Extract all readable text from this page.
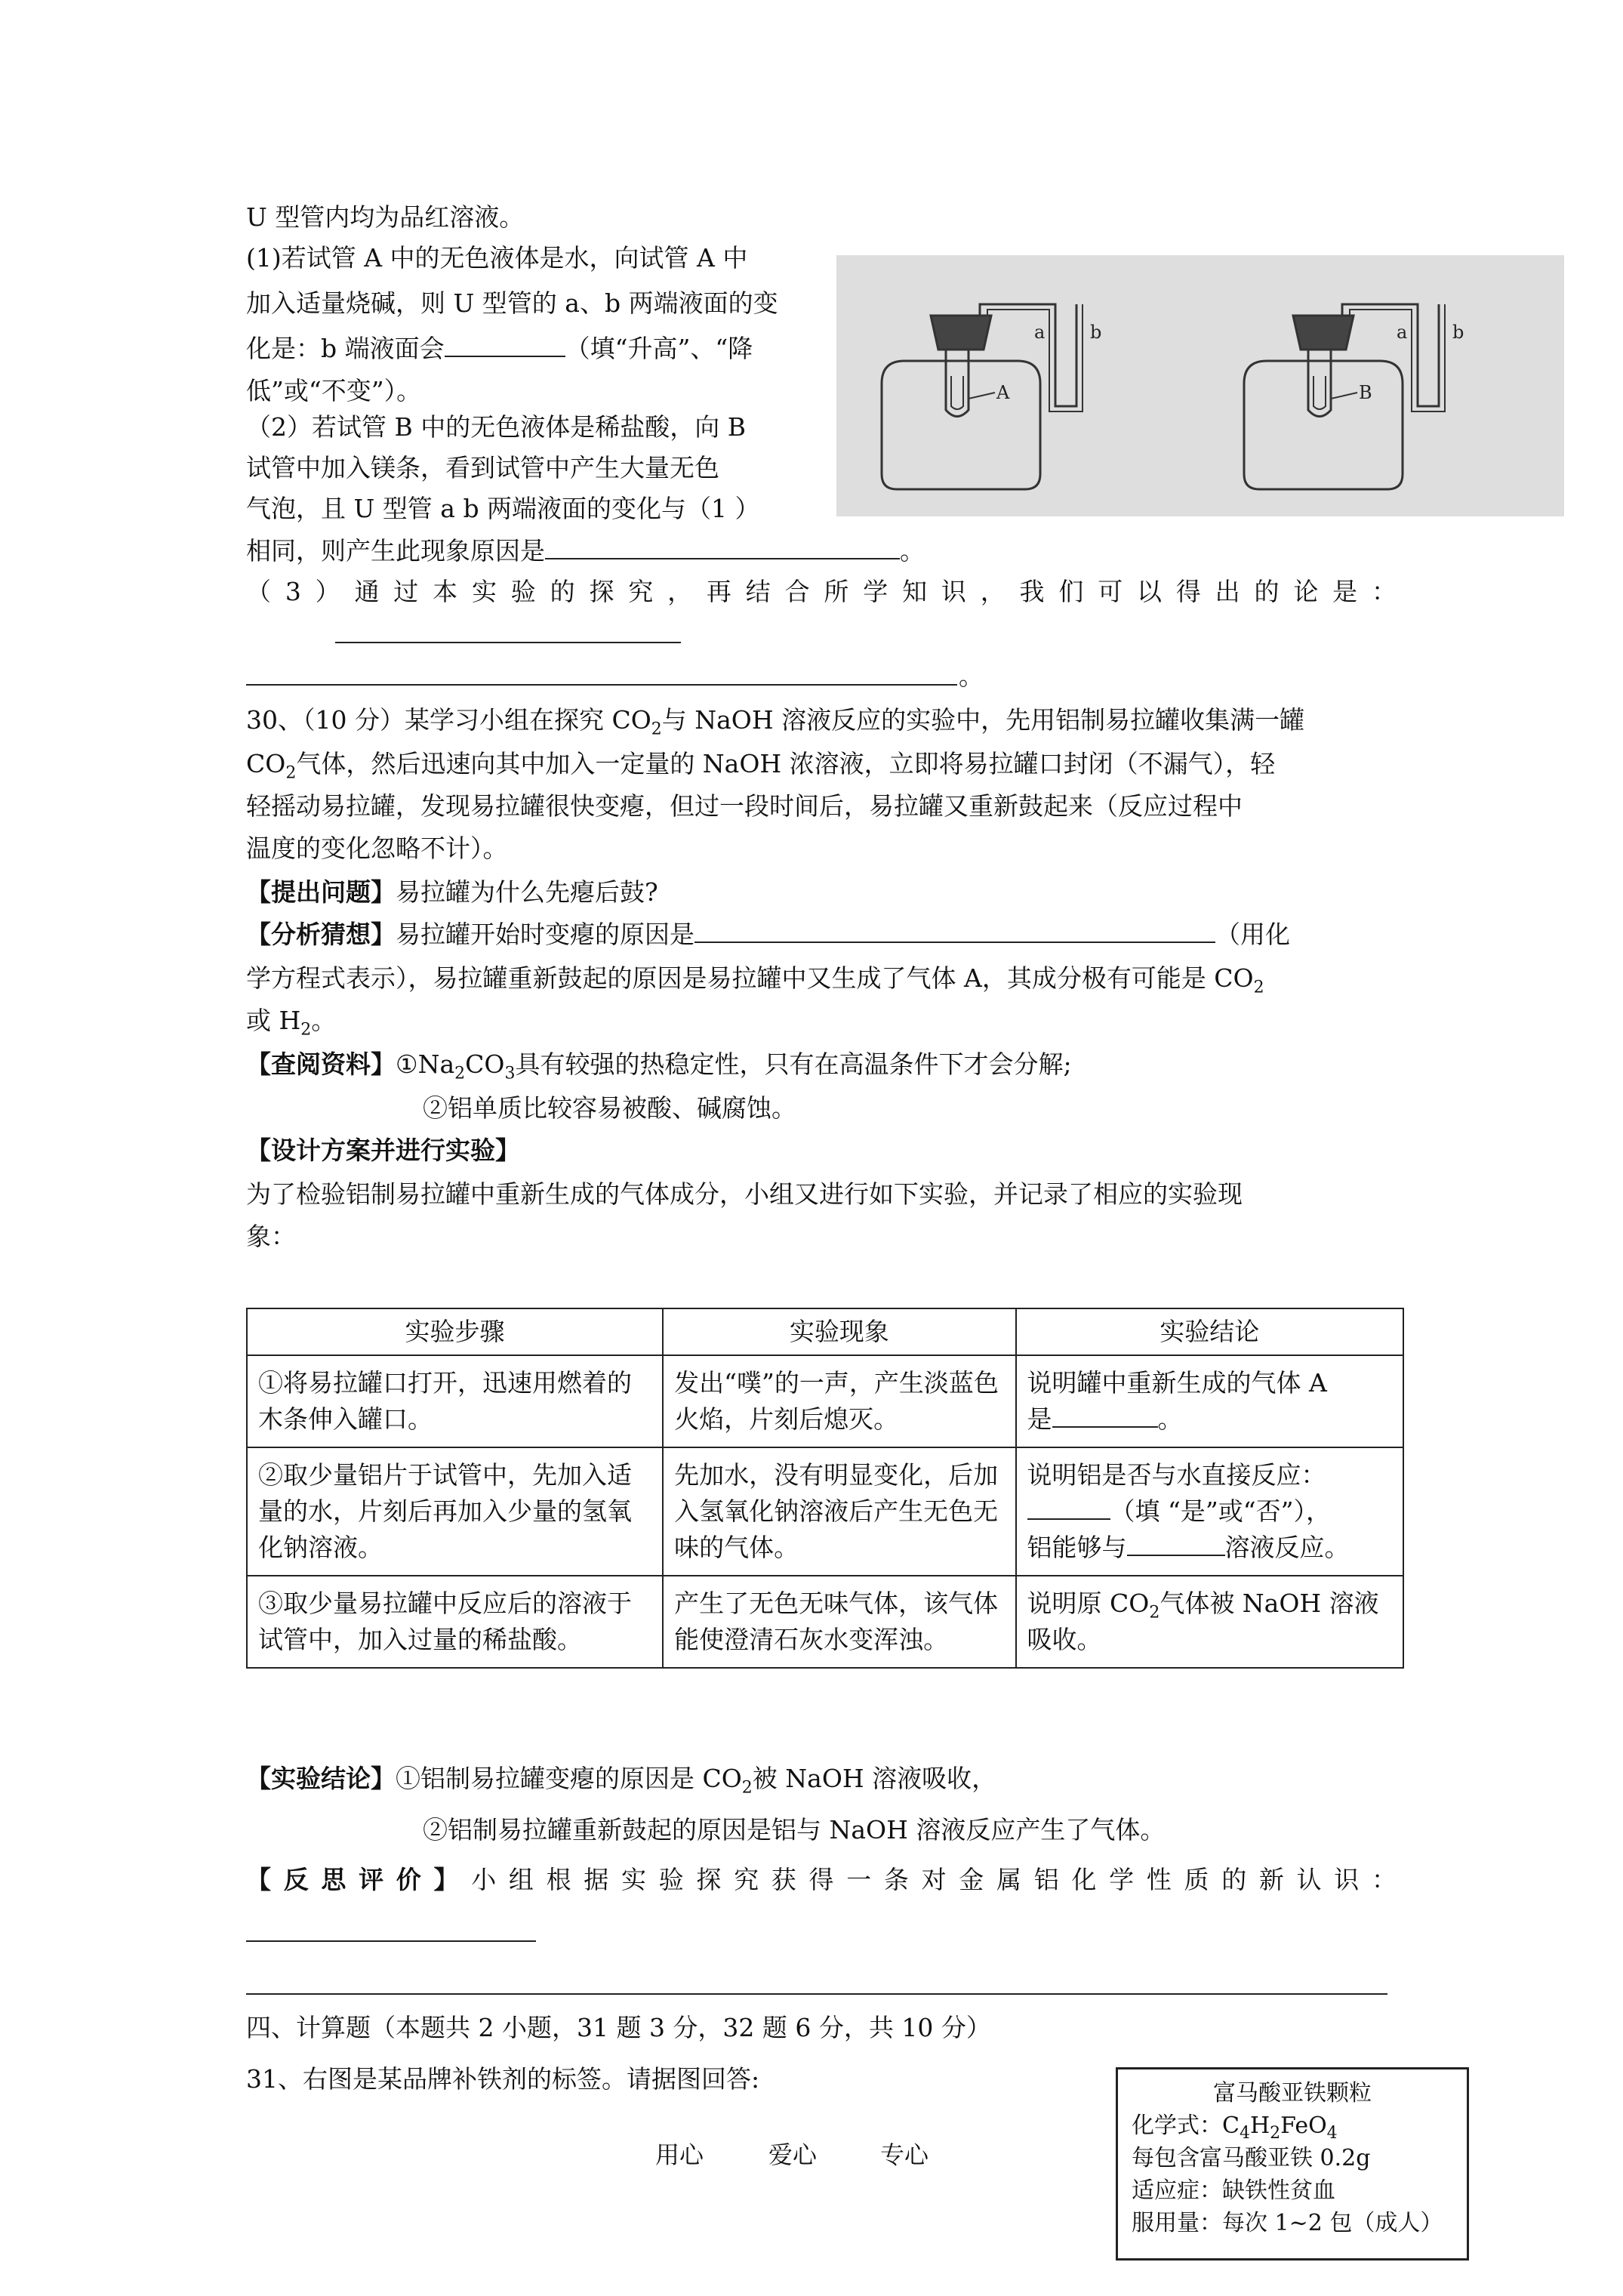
U 型管内均为品红溶液。
(1)若试管 A 中的无色液体是水，向试管 A 中
加入适量烧碱，则 U 型管的 a、b 两端液面的变
化是：b 端液面会	（填“升高”、“降
低”或“不变”）。
（2）若试管 B 中的无色液体是稀盐酸，向 B
试管中加入镁条，看到试管中产生大量无色
气泡，且 U 型管 a b 两端液面的变化与（1 ）
相同，则产生此现象原因是	。
（3）通过本实验的探究，再结合所学知识，我们可以得出的论是：
。
A
a b
B
a b
30、（10 分）某学习小组在探究 $CO_2$与 NaOH 溶液反应的实验中，先用铝制易拉罐收集满一罐
$CO_2$气体，然后迅速向其中加入一定量的 NaOH 浓溶液，立即将易拉罐口封闭（不漏气），轻
轻摇动易拉罐，发现易拉罐很快变瘪，但过一段时间后，易拉罐又重新鼓起来（反应过程中
温度的变化忽略不计）。
【提出问题】易拉罐为什么先瘪后鼓?
【分析猜想】易拉罐开始时变瘪的原因是	（用化
学方程式表示），易拉罐重新鼓起的原因是易拉罐中又生成了气体 A，其成分极有可能是 $CO_2$
或 $H_2$。
【查阅资料】$①Na_2CO_3$具有较强的热稳定性，只有在高温条件下才会分解;
②铝单质比较容易被酸、碱腐蚀。
【设计方案并进行实验】
为了检验铝制易拉罐中重新生成的气体成分，小组又进行如下实验，并记录了相应的实验现
象：
实验步骤	实验现象	实验结论
①将易拉罐口打开，迅速用燃着的木条伸入罐口。	发出“噗”的一声，产生淡蓝色火焰，片刻后熄灭。	说明罐中重新生成的气体 A
是 。

②取少量铝片于试管中，先加入适量的水，片刻后再加入少量的氢氧化钠溶液。	先加水，没有明显变化，后加入氢氧化钠溶液后产生无色无味的气体。	说明铝是否与水直接反应：
（填 “是”或“否”），
铝能够与 溶液反应。

③取少量易拉罐中反应后的溶液于试管中，加入过量的稀盐酸。	产生了无色无味气体，该气体能使澄清石灰水变浑浊。	说明原 $CO_2$气体被 NaOH 溶液吸收。
【实验结论】①铝制易拉罐变瘪的原因是 $CO_2$被 NaOH 溶液吸收，
②铝制易拉罐重新鼓起的原因是铝与 NaOH 溶液反应产生了气体。
【反思评价】小组根据实验探究获得一条对金属铝化学性质的新认识：
四、计算题（本题共 2 小题，31 题 3 分，32 题 6 分，共 10 分）
31、右图是某品牌补铁剂的标签。请据图回答:	富马酸亚铁颗粒
化学式：$C_4H_2FeO_4$
每包含富马酸亚铁 0.2g
适应症：缺铁性贫血
服用量：每次 1~2 包（成人）
用心	爱心	专心
